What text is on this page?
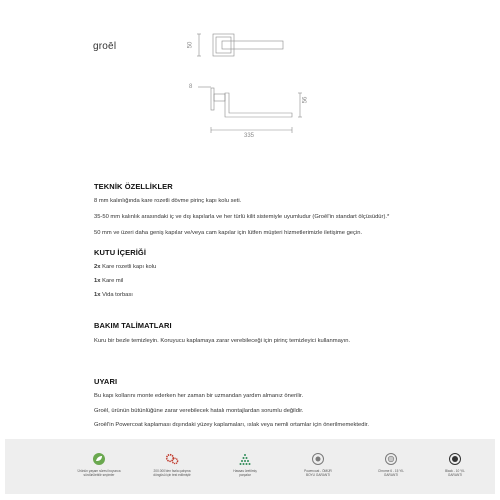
groēl	50
8
56
335
TEKNİK ÖZELLİKLER
8 mm kalınlığında kare rozetli dövme pirinç kapı kolu seti.
35-50 mm kalınlık arasındaki iç ve dış kapılarla ve her türlü kilit sistemiyle uyumludur (Groēl'in standart ölçüsüdür).*
50 mm ve üzeri daha geniş kapılar ve/veya cam kapılar için lütfen müşteri hizmetlerimizle iletişime geçin.
KUTU İÇERİĞİ
2x Kare rozetli kapı kolu
1x Kare mil
1x Vida torbası
BAKIM TALİMATLARI
Kuru bir bezle temizleyin. Koruyucu kaplamaya zarar verebileceği için pirinç temizleyici kullanmayın.
UYARI
Bu kapı kollarını monte ederken her zaman bir uzmandan yardım almanız önerilir.
Groēl, ürünün bütünlüğüne zarar verebilecek hatalı montajlardan sorumlu değildir.
Groēl'in Powercoat kaplaması dışındaki yüzey kaplamaları, ıslak veya nemli ortamlar için önerilmemektedir.
Ürünün yaşam süresi boyunca
sürdürülebilir seçimler
200.000'den fazla çalışma
döngüsü için test edilmiştir
Hassas üretilmiş
parçalar
Powercoat - ÖMÜR
BOYU GARANTİ
Chrome 6 - 15 YIL
GARANTİ
Black - 10 YIL
GARANTİ
